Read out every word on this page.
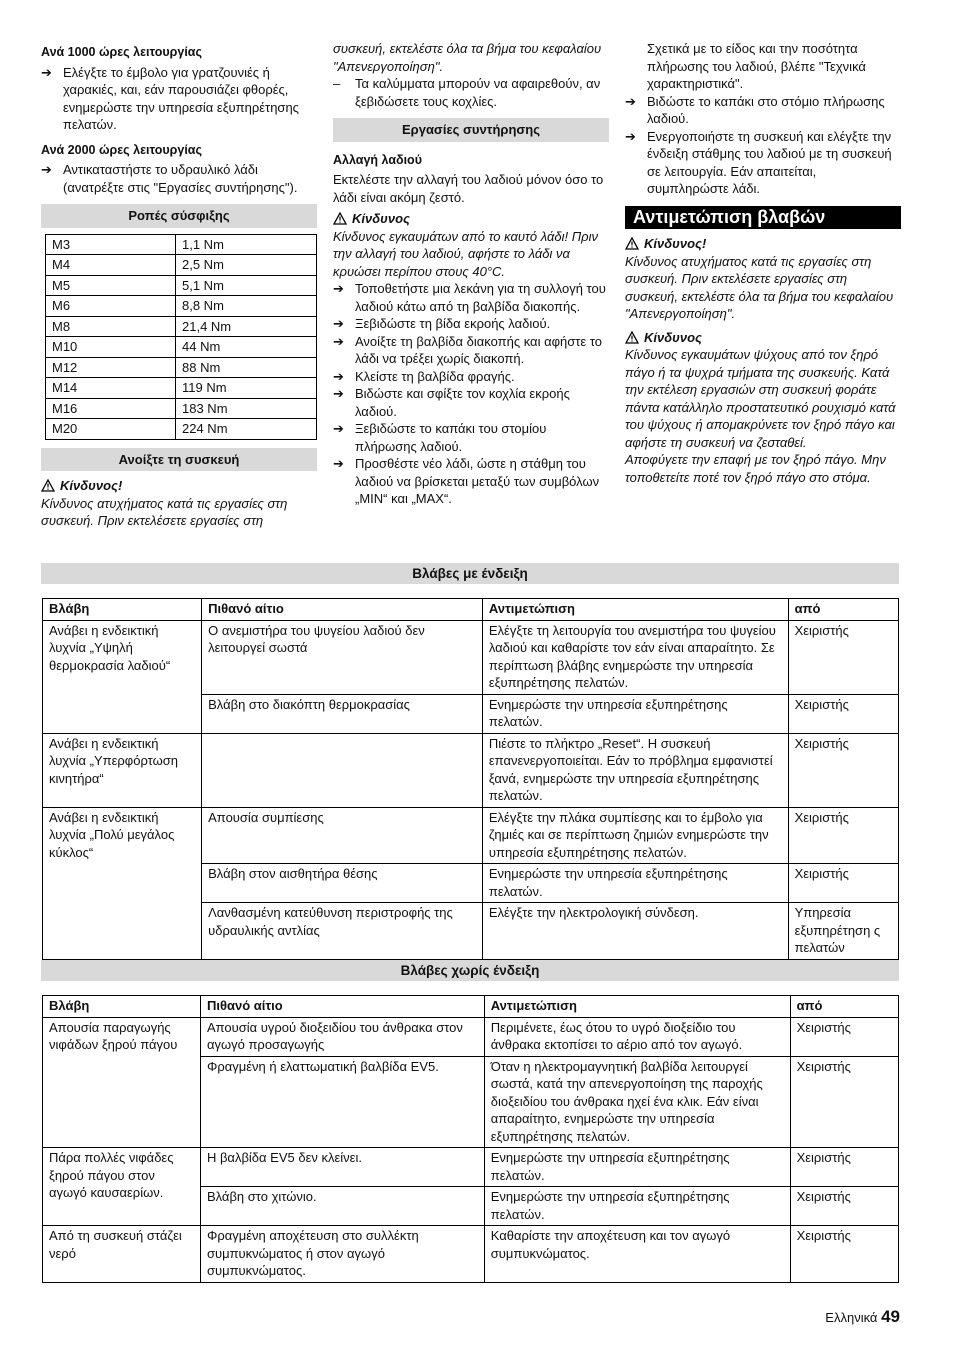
Ανά 1000 ώρες λειτουργίας
➔ Ελέγξτε το έμβολο για γρατζουνιές ή χαρακιές, και, εάν παρουσιάζει φθορές, ενημερώστε την υπηρεσία εξυπηρέτησης πελατών.
Ανά 2000 ώρες λειτουργίας
➔ Αντικαταστήστε το υδραυλικό λάδι (ανατρέξτε στις "Εργασίες συντήρησης").
Ροπές σύσφιξης
M3	1,1 Nm
M4	2,5 Nm
M5	5,1 Nm
M6	8,8 Nm
M8	21,4 Nm
M10	44 Nm
M12	88 Nm
M14	119 Nm
M16	183 Nm
M20	224 Nm
Ανοίξτε τη συσκευή
Κίνδυνος!

Κίνδυνος ατυχήματος κατά τις εργασίες στη συσκευή. Πριν εκτελέσετε εργασίες στη

συσκευή, εκτελέστε όλα τα βήμα του κεφαλαίου "Απενεργοποίηση".

–	Τα καλύμματα μπορούν να αφαιρεθούν, αν ξεβιδώσετε τους κοχλίες.
Εργασίες συντήρησης
Αλλαγή λαδιού

Εκτελέστε την αλλαγή του λαδιού μόνον όσο το λάδι είναι ακόμη ζεστό.

Κίνδυνος

Κίνδυνος εγκαυμάτων από το καυτό λάδι! Πριν την αλλαγή του λαδιού, αφήστε το λάδι να κρυώσει περίπου στους 40°C.

➔ Τοποθετήστε μια λεκάνη για τη συλλογή του λαδιού κάτω από τη βαλβίδα διακοπής.
➔ Ξεβιδώστε τη βίδα εκροής λαδιού.
➔ Ανοίξτε τη βαλβίδα διακοπής και αφήστε το λάδι να τρέξει χωρίς διακοπή.
➔ Κλείστε τη βαλβίδα φραγής.
➔ Βιδώστε και σφίξτε τον κοχλία εκροής λαδιού.
➔ Ξεβιδώστε το καπάκι του στομίου πλήρωσης λαδιού.
➔ Προσθέστε νέο λάδι, ώστε η στάθμη του λαδιού να βρίσκεται μεταξύ των συμβόλων „MIN“ και „MAX“.

Σχετικά με το είδος και την ποσότητα πλήρωσης του λαδιού, βλέπε "Τεχνικά χαρακτηριστικά".

➔ Βιδώστε το καπάκι στο στόμιο πλήρωσης λαδιού.
➔ Ενεργοποιήστε τη συσκευή και ελέγξτε την ένδειξη στάθμης του λαδιού με τη συσκευή σε λειτουργία. Εάν απαιτείται, συμπληρώστε λάδι.
Αντιμετώπιση βλαβών
Κίνδυνος!

Κίνδυνος ατυχήματος κατά τις εργασίες στη συσκευή. Πριν εκτελέσετε εργασίες στη συσκευή, εκτελέστε όλα τα βήμα του κεφαλαίου "Απενεργοποίηση".

Κίνδυνος

Κίνδυνος εγκαυμάτων ψύχους από τον ξηρό πάγο ή τα ψυχρά τμήματα της συσκευής. Κατά την εκτέλεση εργασιών στη συσκευή φοράτε πάντα κατάλληλο προστατευτικό ρουχισμό κατά του ψύχους ή απομακρύνετε τον ξηρό πάγο και αφήστε τη συσκευή να ζεσταθεί.

Αποφύγετε την επαφή με τον ξηρό πάγο. Μην τοποθετείτε ποτέ τον ξηρό πάγο στο στόμα.

Βλάβες με ένδειξη
Βλάβη	Πιθανό αίτιο	Αντιμετώπιση	από
Ανάβει η ενδεικτική λυχνία „Υψηλή θερμοκρασία λαδιού“	Ο ανεμιστήρα του ψυγείου λαδιού δεν λειτουργεί σωστά	Ελέγξτε τη λειτουργία του ανεμιστήρα του ψυγείου λαδιού και καθαρίστε τον εάν είναι απαραίτητο. Σε περίπτωση βλάβης ενημερώστε την υπηρεσία εξυπηρέτησης πελατών.	Χειριστής
	Βλάβη στο διακόπτη θερμοκρασίας	Ενημερώστε την υπηρεσία εξυπηρέτησης πελατών.	Χειριστής
Ανάβει η ενδεικτική λυχνία „Υπερφόρτωση κινητήρα“		Πιέστε το πλήκτρο „Reset“. Η συσκευή επανενεργοποιείται. Εάν το πρόβλημα εμφανιστεί ξανά, ενημερώστε την υπηρεσία εξυπηρέτησης πελατών.	Χειριστής
Ανάβει η ενδεικτική λυχνία „Πολύ μεγάλος κύκλος“	Απουσία συμπίεσης	Ελέγξτε την πλάκα συμπίεσης και το έμβολο για ζημιές και σε περίπτωση ζημιών ενημερώστε την υπηρεσία εξυπηρέτησης πελατών.	Χειριστής
	Βλάβη στον αισθητήρα θέσης	Ενημερώστε την υπηρεσία εξυπηρέτησης πελατών.	Χειριστής
	Λανθασμένη κατεύθυνση περιστροφής της υδραυλικής αντλίας	Ελέγξτε την ηλεκτρολογική σύνδεση.	Υπηρεσία εξυπηρέτηση ς πελατών
Βλάβες χωρίς ένδειξη
Βλάβη	Πιθανό αίτιο	Αντιμετώπιση	από
Απουσία παραγωγής νιφάδων ξηρού πάγου	Απουσία υγρού διοξειδίου του άνθρακα στον αγωγό προσαγωγής	Περιμένετε, έως ότου το υγρό διοξείδιο του άνθρακα εκτοπίσει το αέριο από τον αγωγό.	Χειριστής
	Φραγμένη ή ελαττωματική βαλβίδα EV5.	Όταν η ηλεκτρομαγνητική βαλβίδα λειτουργεί σωστά, κατά την απενεργοποίηση της παροχής διοξειδίου του άνθρακα ηχεί ένα κλικ. Εάν είναι απαραίτητο, ενημερώστε την υπηρεσία εξυπηρέτησης πελατών.	Χειριστής
Πάρα πολλές νιφάδες ξηρού πάγου στον αγωγό καυσαερίων.	Η βαλβίδα EV5 δεν κλείνει.	Ενημερώστε την υπηρεσία εξυπηρέτησης πελατών.	Χειριστής
	Βλάβη στο χιτώνιο.	Ενημερώστε την υπηρεσία εξυπηρέτησης πελατών.	Χειριστής
Από τη συσκευή στάζει νερό	Φραγμένη αποχέτευση στο συλλέκτη συμπυκνώματος ή στον αγωγό συμπυκνώματος.	Καθαρίστε την αποχέτευση και τον αγωγό συμπυκνώματος.	Χειριστής
Ελληνικά 49
